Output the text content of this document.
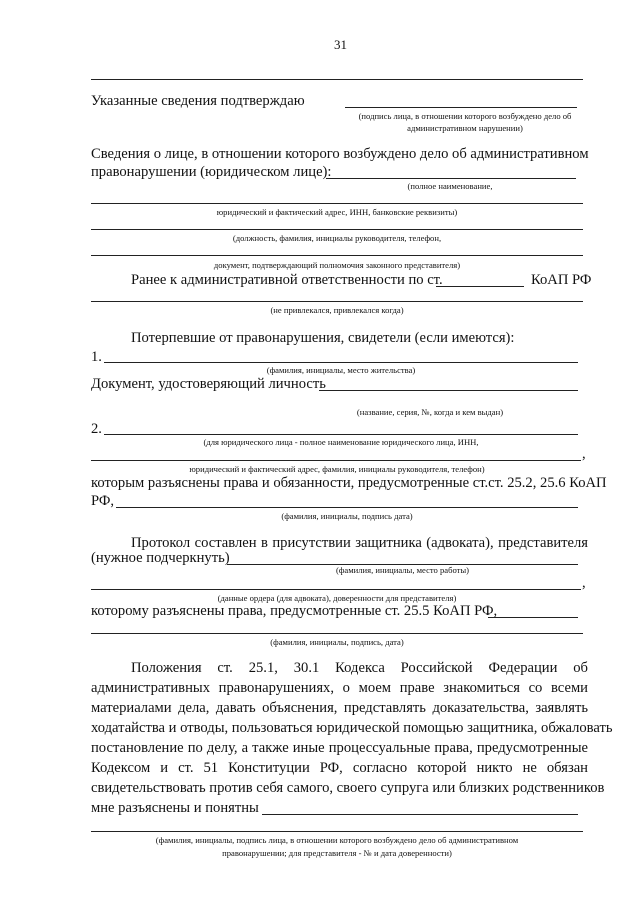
31
Указанные сведения подтверждаю
(подпись лица, в отношении которого возбуждено дело об
административном нарушении)
Сведения о лице, в отношении которого возбуждено дело об административном
правонарушении (юридическом лице):
(полное наименование,
юридический и фактический адрес, ИНН, банковские реквизиты)
(должность, фамилия, инициалы руководителя, телефон,
документ, подтверждающий полномочия законного представителя)
Ранее к административной ответственности по ст.	КоАП РФ
(не привлекался, привлекался когда)
Потерпевшие от правонарушения, свидетели (если имеются):
1.
(фамилия, инициалы, место жительства)
Документ, удостоверяющий личность
(название, серия, №, когда и кем выдан)
2.
(для юридического лица - полное наименование юридического лица, ИНН,
,
юридический и фактический адрес, фамилия, инициалы руководителя, телефон)
которым разъяснены права и обязанности, предусмотренные ст.ст. 25.2, 25.6 КоАП
РФ,
(фамилия, инициалы, подпись дата)
Протокол составлен в присутствии защитника (адвоката), представителя
(нужное подчеркнуть)
(фамилия, инициалы, место работы)
,
(данные ордера (для адвоката), доверенности для представителя)
которому разъяснены права, предусмотренные ст. 25.5 КоАП РФ,
(фамилия, инициалы, подпись, дата)
Положения ст. 25.1, 30.1 Кодекса Российской Федерации об
административных правонарушениях, о моем праве знакомиться со всеми
материалами дела, давать объяснения, представлять доказательства, заявлять
ходатайства и отводы, пользоваться юридической помощью защитника, обжаловать
постановление по делу, а также иные процессуальные права, предусмотренные
Кодексом и ст. 51 Конституции РФ, согласно которой никто не обязан
свидетельствовать против себя самого, своего супруга или близких родственников
мне разъяснены и понятны
(фамилия, инициалы, подпись лица, в отношении которого возбуждено дело об административном
правонарушении; для представителя - № и дата доверенности)
